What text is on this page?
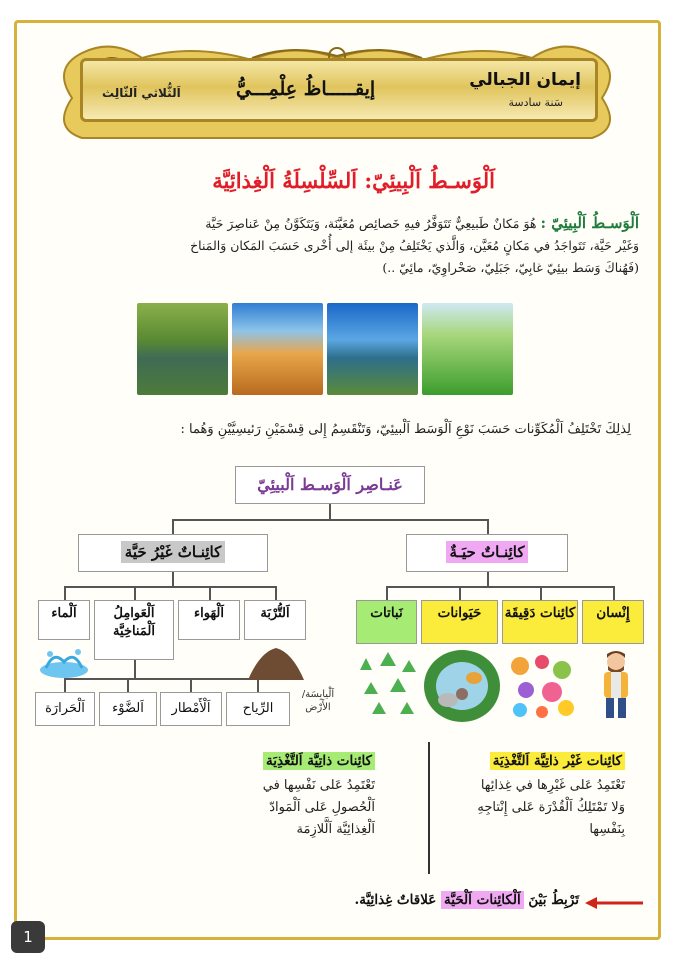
إيمان الجبالي
سَنة سادسة
إيقـــــاظُ عِلْمِـــيُّ
اَلثُّلاثي اَلثّالِث
اَلْوَسـطُ اَلْبِيئِيّ: اَلسِّلْسِلَةُ اَلْغِذائِيَّة
اَلْوَسـطُ اَلْبِيئِيّ : هُوَ مَكانٌ طَبيعِيٌّ تَتَوَفَّرُ فيهِ خَصائِص مُعَيَّنَة، وَيَتَكَوَّنُ مِنْ عَناصِرَ حَيَّة
وَغَيْر حَيَّة، تَتَواجَدُ في مَكانٍ مُعَيَّن، وَالَّذي يَخْتَلِفُ مِنْ بيئَة إلى أُخْرى حَسَبَ المَكان وَالمَناخ
(فَهُناكَ وَسَط بيئِيّ غابِيّ، جَبَلِيّ، صَحْراوِيّ، مائِيّ ..)
لِذلِكَ تَخْتَلِفُ اَلْمُكَوِّنات حَسَبَ نَوْعِ اَلْوَسَط اَلْبيئِيّ، وَتَنْقَسِمُ إِلى قِسْمَيْنِ رَئيسِيَّيْنِ وَهُما :
عَنـاصِر اَلْوَسـط اَلْبيئِيّ
كائِنـاتٌ حيَـةٌ
كائِنـاتٌ غَيْرُ حَيَّة
إِنْسان
كائِنات دَقِيقَة
حَيَوانات
نَباتات
اَلتُّرْبَة
اَلْهَواء
اَلْعَوامِلُ اَلْمَناخِيَّة
اَلْماء
الرِّياح
اَلْأَمْطار
اَلضَّوْء
اَلْحَرارَة
اَلْيابِسَة/ الأَرْض
كائِنات غَيْر ذاتِيَّة اَلتَّغْذِيَة

تَعْتَمِدُ عَلى غَيْرِها في غِذائِها

وَلا تَمْتَلِكُ اَلْقُدْرَة عَلى إِنْتاجِهِ

بِنَفْسِها

كائِنات ذاتِيَّة اَلتَّغْذِيَة

تَعْتَمِدُ عَلى نَفْسِها في

اَلْحُصولِ عَلى اَلْمَوادّ

اَلْغِذائِيَّة اَلَّلازِمَة

تَرْبِطُ بَيْنَ اَلْكائِنات اَلْحَيَّة عَلاقاتٌ غِذائِيَّة.
1
